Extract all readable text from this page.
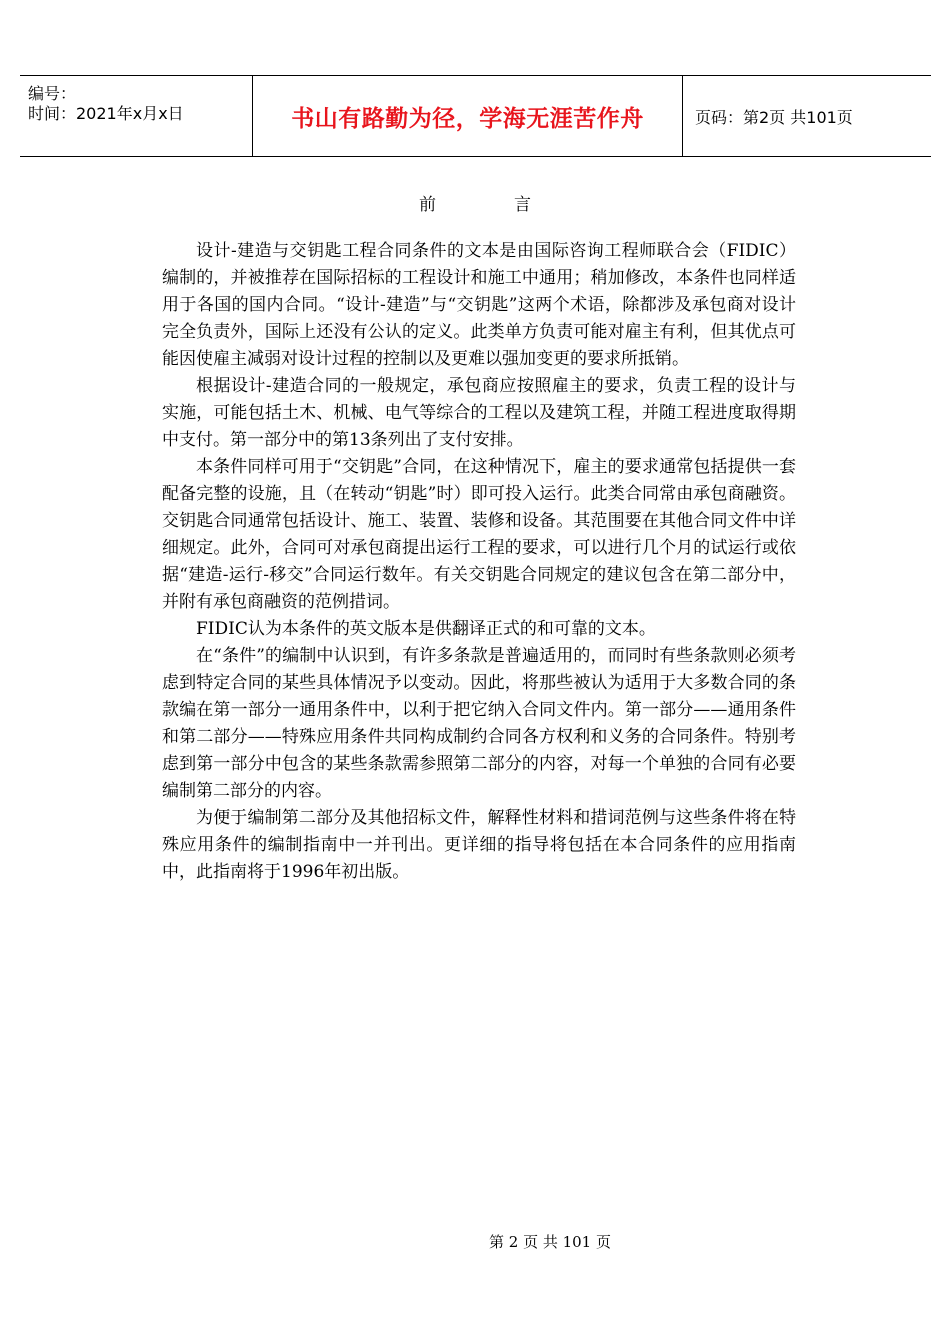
编号：
时间：2021年x月x日	书山有路勤为径，学海无涯苦作舟	页码：第2页 共101页
前言

设计-建造与交钥匙工程合同条件的文本是由国际咨询工程师联合会（FIDIC）编制的，并被推荐在国际招标的工程设计和施工中通用；稍加修改，本条件也同样适用于各国的国内合同。“设计-建造”与“交钥匙”这两个术语，除都涉及承包商对设计完全负责外，国际上还没有公认的定义。此类单方负责可能对雇主有利，但其优点可能因使雇主减弱对设计过程的控制以及更难以强加变更的要求所抵销。

根据设计-建造合同的一般规定，承包商应按照雇主的要求，负责工程的设计与实施，可能包括土木、机械、电气等综合的工程以及建筑工程，并随工程进度取得期中支付。第一部分中的第13条列出了支付安排。

本条件同样可用于“交钥匙”合同，在这种情况下，雇主的要求通常包括提供一套配备完整的设施，且（在转动“钥匙”时）即可投入运行。此类合同常由承包商融资。交钥匙合同通常包括设计、施工、装置、装修和设备。其范围要在其他合同文件中详细规定。此外，合同可对承包商提出运行工程的要求，可以进行几个月的试运行或依据“建造-运行-移交”合同运行数年。有关交钥匙合同规定的建议包含在第二部分中，并附有承包商融资的范例措词。

FIDIC认为本条件的英文版本是供翻译正式的和可靠的文本。

在“条件”的编制中认识到，有许多条款是普遍适用的，而同时有些条款则必须考虑到特定合同的某些具体情况予以变动。因此，将那些被认为适用于大多数合同的条款编在第一部分一通用条件中，以利于把它纳入合同文件内。第一部分——通用条件和第二部分——特殊应用条件共同构成制约合同各方权利和义务的合同条件。特别考虑到第一部分中包含的某些条款需参照第二部分的内容，对每一个单独的合同有必要编制第二部分的内容。

为便于编制第二部分及其他招标文件，解释性材料和措词范例与这些条件将在特殊应用条件的编制指南中一并刊出。更详细的指导将包括在本合同条件的应用指南中，此指南将于1996年初出版。

第 2 页 共 101 页
